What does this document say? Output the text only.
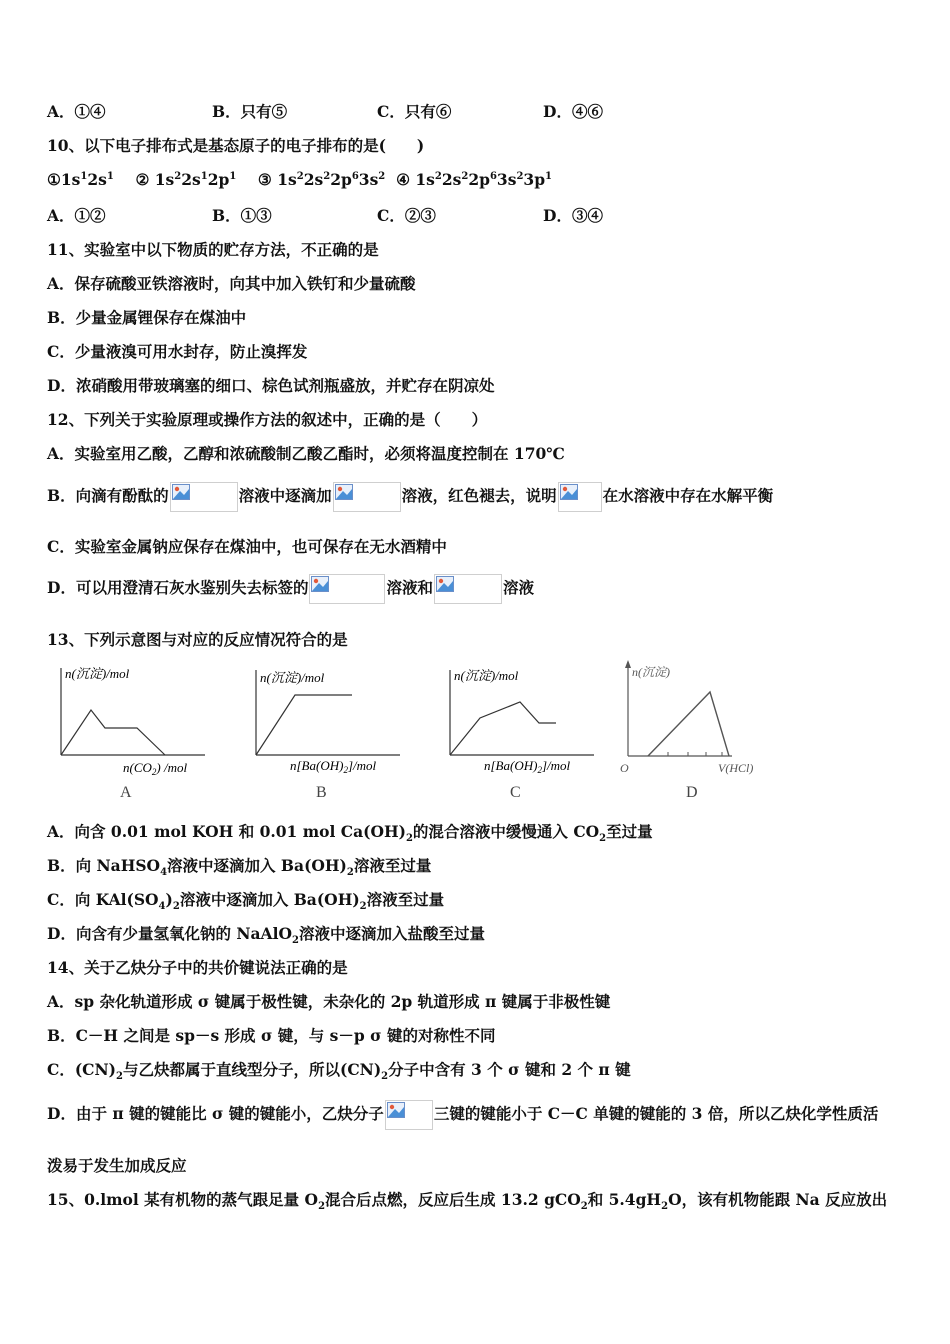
A．①④	B．只有⑤	C．只有⑥	D．④⑥
10、以下电子排布式是基态原子的电子排布的是(　　)
$①1s^12s^1$ ② $1s^22s^12p^1$ ③ $1s^22s^22p^63s^2$ ④ $1s^22s^22p^63s^23p^1$
A．①②	B．①③	C．②③	D．③④
11、实验室中以下物质的贮存方法，不正确的是
A．保存硫酸亚铁溶液时，向其中加入铁钉和少量硫酸
B．少量金属锂保存在煤油中
C．少量液溴可用水封存，防止溴挥发
D．浓硝酸用带玻璃塞的细口、棕色试剂瓶盛放，并贮存在阴凉处
12、下列关于实验原理或操作方法的叙述中，正确的是（　　）
A．实验室用乙酸，乙醇和浓硫酸制乙酸乙酯时，必须将温度控制在 170℃
B．向滴有酚酞的	溶液中逐滴加	溶液，红色褪去，说明	在水溶液中存在水解平衡
C．实验室金属钠应保存在煤油中，也可保存在无水酒精中
D．可以用澄清石灰水鉴别失去标签的	溶液和	溶液
13、下列示意图与对应的反应情况符合的是
n(沉淀)/mol
$n(CO_2)$ /mol
A
n(沉淀)/mol
$n[Ba(OH)_2]$/mol
B
n(沉淀)/mol
$n[Ba(OH)_2]$/mol
C
n(沉淀)
O	V(HCl)
D
A．向含 0.01 mol KOH 和 0.01 mol $Ca(OH)_2$的混合溶液中缓慢通入 $CO_2$至过量
B．向 NaHSO$_4$溶液中逐滴加入 $Ba(OH)_2$溶液至过量
C．向 $KAl(SO_4)_2$溶液中逐滴加入 $Ba(OH)_2$溶液至过量
D．向含有少量氢氧化钠的 NaAlO$_2$溶液中逐滴加入盐酸至过量
14、关于乙炔分子中的共价键说法正确的是
A．sp 杂化轨道形成 σ 键属于极性键，未杂化的 2p 轨道形成 π 键属于非极性键
B．C－H 之间是 sp－s 形成 σ 键，与 s－p σ 键的对称性不同
C．$(CN)_2$与乙炔都属于直线型分子，所以$(CN)_2$分子中含有 3 个 σ 键和 2 个 π 键
D．由于 π 键的键能比 σ 键的键能小，乙炔分子	三键的键能小于 C－C 单键的键能的 3 倍，所以乙炔化学性质活
泼易于发生加成反应
15、0.lmol 某有机物的蒸气跟足量 $O_2$混合后点燃，反应后生成 13.2 gCO$_2$和 $5.4gH_2O$，该有机物能跟 Na 反应放出
